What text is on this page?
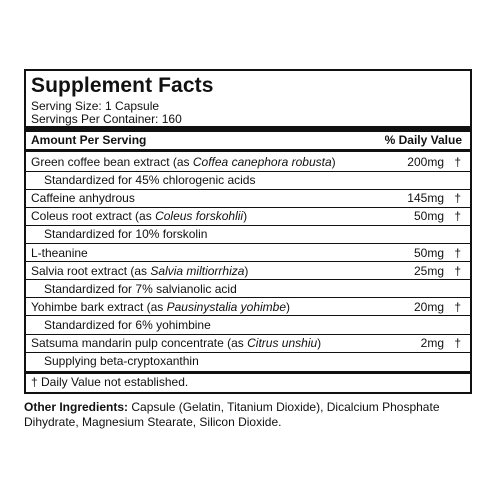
Supplement Facts
Serving Size: 1 Capsule
Servings Per Container: 160
Amount Per Serving	% Daily Value
Green coffee bean extract (as Coffea canephora robusta)	200mg †
Standardized for 45% chlorogenic acids
Caffeine anhydrous	145mg †
Coleus root extract (as Coleus forskohlii)	50mg †
Standardized for 10% forskolin
L-theanine	50mg †
Salvia root extract (as Salvia miltiorrhiza)	25mg †
Standardized for 7% salvianolic acid
Yohimbe bark extract (as Pausinystalia yohimbe)	20mg †
Standardized for 6% yohimbine
Satsuma mandarin pulp concentrate (as Citrus unshiu)	2mg †
Supplying beta-cryptoxanthin
† Daily Value not established.
Other Ingredients: Capsule (Gelatin, Titanium Dioxide), Dicalcium Phosphate Dihydrate, Magnesium Stearate, Silicon Dioxide.
